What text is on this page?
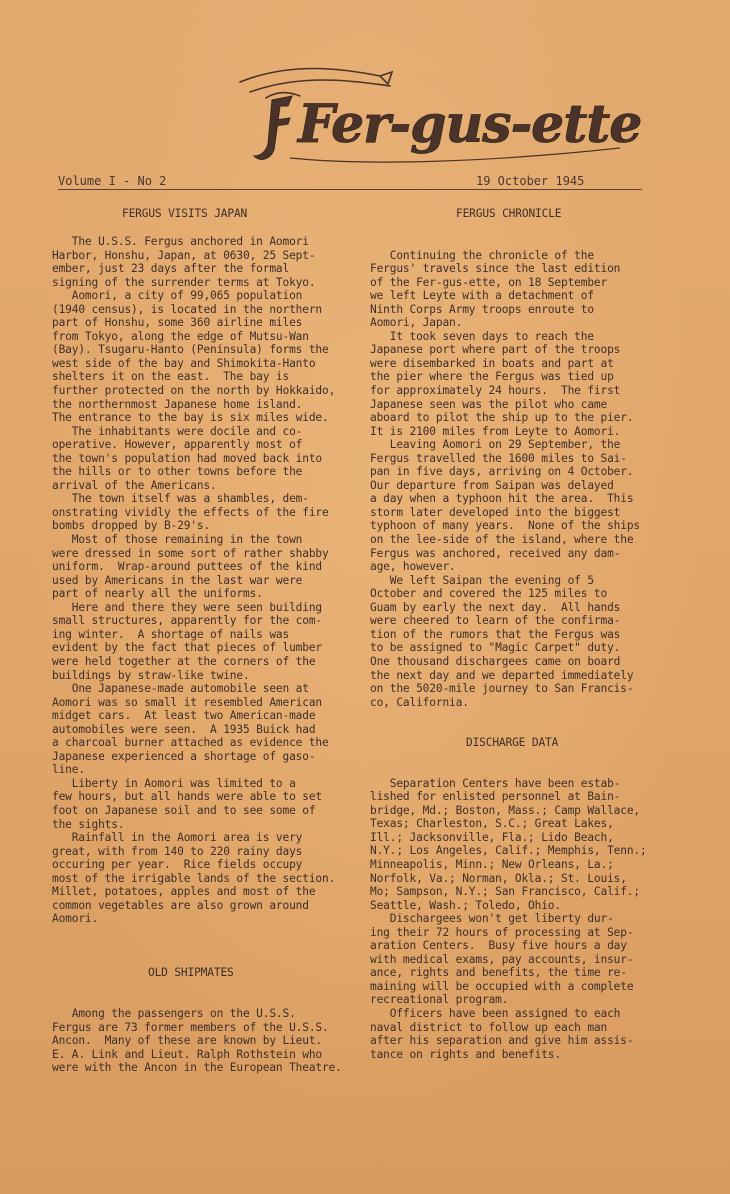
Fer-gus-ette
Volume I - No 2	19 October 1945

FERGUS VISITS JAPAN

The U.S.S. Fergus anchored in Aomori

Harbor, Honshu, Japan, at 0630, 25 Sept-

ember, just 23 days after the formal

signing of the surrender terms at Tokyo.

Aomori, a city of 99,065 population

(1940 census), is located in the northern

part of Honshu, some 360 airline miles

from Tokyo, along the edge of Mutsu-Wan

(Bay). Tsugaru-Hanto (Peninsula) forms the

west side of the bay and Shimokita-Hanto

shelters it on the east.  The bay is

further protected on the north by Hokkaido,

the northernmost Japanese home island.

The entrance to the bay is six miles wide.

The inhabitants were docile and co-

operative. However, apparently most of

the town's population had moved back into

the hills or to other towns before the

arrival of the Americans.

The town itself was a shambles, dem-

onstrating vividly the effects of the fire

bombs dropped by B-29's.

Most of those remaining in the town

were dressed in some sort of rather shabby

uniform.  Wrap-around puttees of the kind

used by Americans in the last war were

part of nearly all the uniforms.

Here and there they were seen building

small structures, apparently for the com-

ing winter.  A shortage of nails was

evident by the fact that pieces of lumber

were held together at the corners of the

buildings by straw-like twine.

One Japanese-made automobile seen at

Aomori was so small it resembled American

midget cars.  At least two American-made

automobiles were seen.  A 1935 Buick had

a charcoal burner attached as evidence the

Japanese experienced a shortage of gaso-

line.

Liberty in Aomori was limited to a

few hours, but all hands were able to set

foot on Japanese soil and to see some of

the sights.

Rainfall in the Aomori area is very

great, with from 140 to 220 rainy days

occuring per year.  Rice fields occupy

most of the irrigable lands of the section.

Millet, potatoes, apples and most of the

common vegetables are also grown around

Aomori.

OLD SHIPMATES

Among the passengers on the U.S.S.

Fergus are 73 former members of the U.S.S.

Ancon.  Many of these are known by Lieut.

E. A. Link and Lieut. Ralph Rothstein who

were with the Ancon in the European Theatre.

FERGUS CHRONICLE

Continuing the chronicle of the

Fergus' travels since the last edition

of the Fer-gus-ette, on 18 September

we left Leyte with a detachment of

Ninth Corps Army troops enroute to

Aomori, Japan.

It took seven days to reach the

Japanese port where part of the troops

were disembarked in boats and part at

the pier where the Fergus was tied up

for approximately 24 hours.  The first

Japanese seen was the pilot who came

aboard to pilot the ship up to the pier.

It is 2100 miles from Leyte to Aomori.

Leaving Aomori on 29 September, the

Fergus travelled the 1600 miles to Sai-

pan in five days, arriving on 4 October.

Our departure from Saipan was delayed

a day when a typhoon hit the area.  This

storm later developed into the biggest

typhoon of many years.  None of the ships

on the lee-side of the island, where the

Fergus was anchored, received any dam-

age, however.

We left Saipan the evening of 5

October and covered the 125 miles to

Guam by early the next day.  All hands

were cheered to learn of the confirma-

tion of the rumors that the Fergus was

to be assigned to "Magic Carpet" duty.

One thousand dischargees came on board

the next day and we departed immediately

on the 5020-mile journey to San Francis-

co, California.

DISCHARGE DATA

Separation Centers have been estab-

lished for enlisted personnel at Bain-

bridge, Md.; Boston, Mass.; Camp Wallace,

Texas; Charleston, S.C.; Great Lakes,

Ill.; Jacksonville, Fla.; Lido Beach,

N.Y.; Los Angeles, Calif.; Memphis, Tenn.;

Minneapolis, Minn.; New Orleans, La.;

Norfolk, Va.; Norman, Okla.; St. Louis,

Mo; Sampson, N.Y.; San Francisco, Calif.;

Seattle, Wash.; Toledo, Ohio.

Dischargees won't get liberty dur-

ing their 72 hours of processing at Sep-

aration Centers.  Busy five hours a day

with medical exams, pay accounts, insur-

ance, rights and benefits, the time re-

maining will be occupied with a complete

recreational program.

Officers have been assigned to each

naval district to follow up each man

after his separation and give him assis-

tance on rights and benefits.
